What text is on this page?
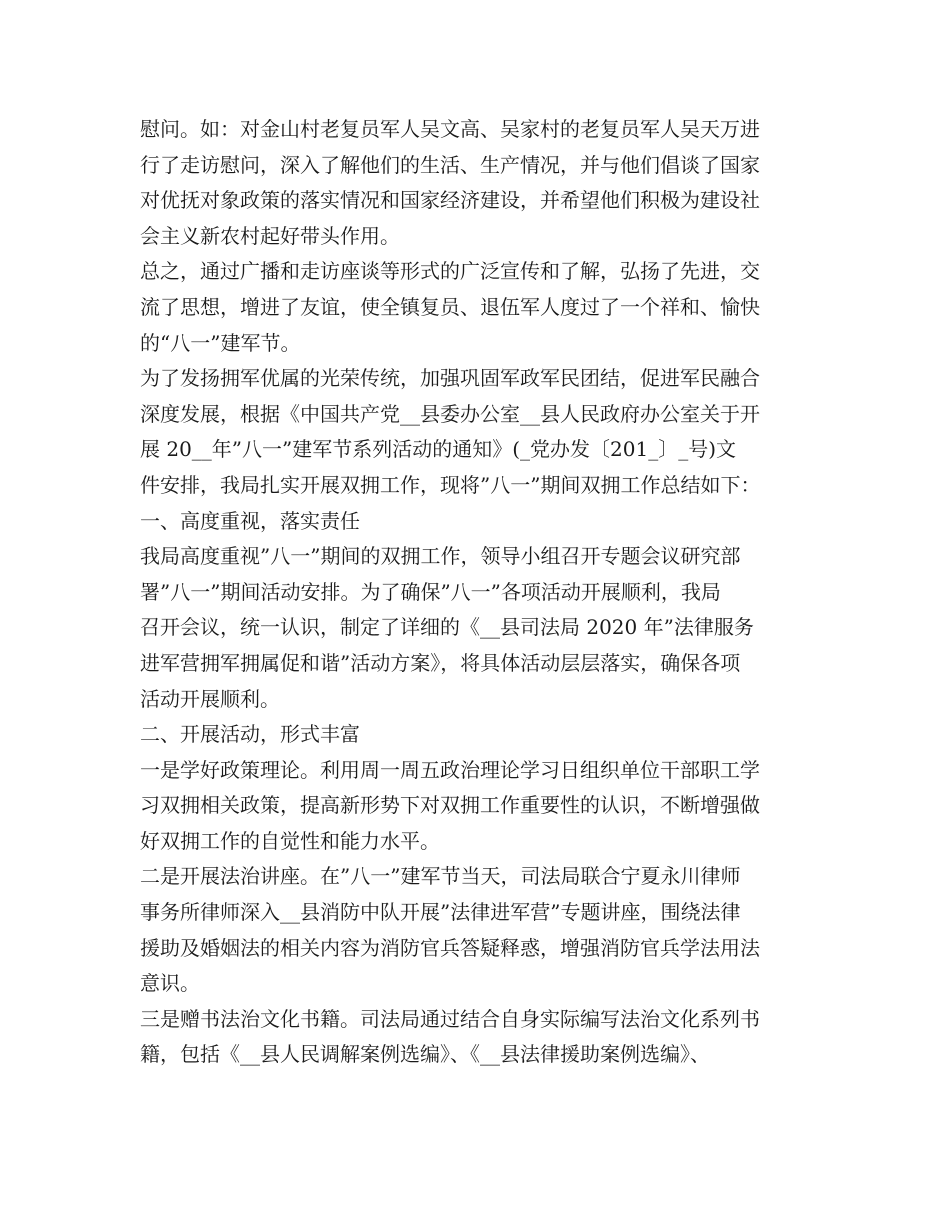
慰问。如：对金山村老复员军人吴文高、吴家村的老复员军人吴天万进
行了走访慰问，深入了解他们的生活、生产情况，并与他们倡谈了国家
对优抚对象政策的落实情况和国家经济建设，并希望他们积极为建设社
会主义新农村起好带头作用。
总之，通过广播和走访座谈等形式的广泛宣传和了解，弘扬了先进，交
流了思想，增进了友谊，使全镇复员、退伍军人度过了一个祥和、愉快
的“八一”建军节。
为了发扬拥军优属的光荣传统，加强巩固军政军民团结，促进军民融合
深度发展，根据《中国共产党__县委办公室__县人民政府办公室关于开
展 20__年”八一”建军节系列活动的通知》(_党办发〔201_〕_号)文
件安排，我局扎实开展双拥工作，现将”八一”期间双拥工作总结如下：
一、高度重视，落实责任
我局高度重视”八一”期间的双拥工作，领导小组召开专题会议研究部
署”八一”期间活动安排。为了确保”八一”各项活动开展顺利，我局
召开会议，统一认识，制定了详细的《__县司法局 2020 年”法律服务
进军营拥军拥属促和谐”活动方案》，将具体活动层层落实，确保各项
活动开展顺利。
二、开展活动，形式丰富
一是学好政策理论。利用周一周五政治理论学习日组织单位干部职工学
习双拥相关政策，提高新形势下对双拥工作重要性的认识，不断增强做
好双拥工作的自觉性和能力水平。
二是开展法治讲座。在”八一”建军节当天，司法局联合宁夏永川律师
事务所律师深入__县消防中队开展”法律进军营”专题讲座，围绕法律
援助及婚姻法的相关内容为消防官兵答疑释惑，增强消防官兵学法用法
意识。
三是赠书法治文化书籍。司法局通过结合自身实际编写法治文化系列书
籍，包括《__县人民调解案例选编》、《__县法律援助案例选编》、
